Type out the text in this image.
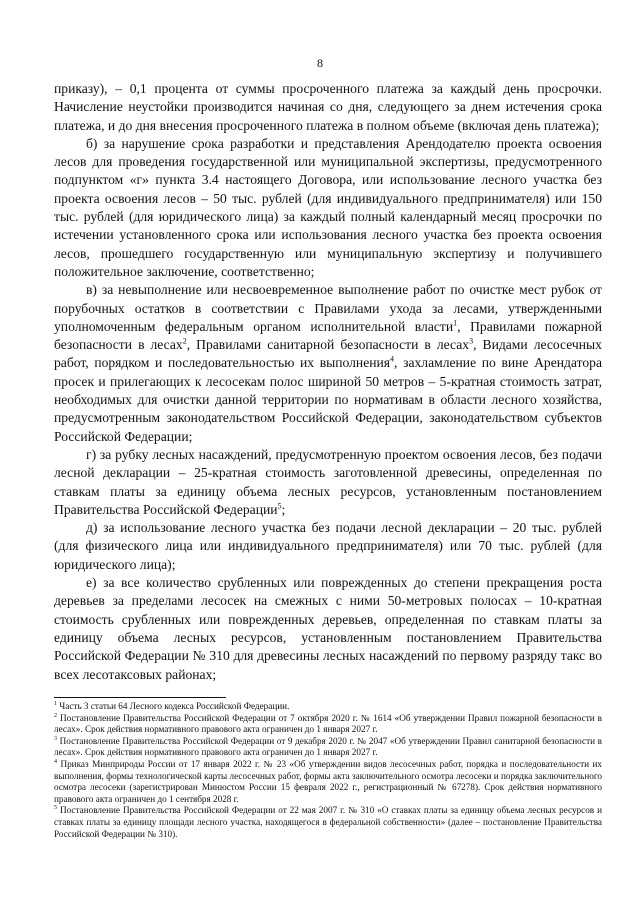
8

приказу), – 0,1 процента от суммы просроченного платежа за каждый день просрочки. Начисление неустойки производится начиная со дня, следующего за днем истечения срока платежа, и до дня внесения просроченного платежа в полном объеме (включая день платежа);

б) за нарушение срока разработки и представления Арендодателю проекта освоения лесов для проведения государственной или муниципальной экспертизы, предусмотренного подпунктом «г» пункта 3.4 настоящего Договора, или использование лесного участка без проекта освоения лесов – 50 тыс. рублей (для индивидуального предпринимателя) или 150 тыс. рублей (для юридического лица) за каждый полный календарный месяц просрочки по истечении установленного срока или использования лесного участка без проекта освоения лесов, прошедшего государственную или муниципальную экспертизу и получившего положительное заключение, соответственно;

в) за невыполнение или несвоевременное выполнение работ по очистке мест рубок от порубочных остатков в соответствии с Правилами ухода за лесами, утвержденными уполномоченным федеральным органом исполнительной власти$^1$, Правилами пожарной безопасности в лесах$^2$, Правилами санитарной безопасности в лесах$^3$, Видами лесосечных работ, порядком и последовательностью их выполнения$^4$, захламление по вине Арендатора просек и прилегающих к лесосекам полос шириной 50 метров – 5-кратная стоимость затрат, необходимых для очистки данной территории по нормативам в области лесного хозяйства, предусмотренным законодательством Российской Федерации, законодательством субъектов Российской Федерации;

г) за рубку лесных насаждений, предусмотренную проектом освоения лесов, без подачи лесной декларации – 25-кратная стоимость заготовленной древесины, определенная по ставкам платы за единицу объема лесных ресурсов, установленным постановлением Правительства Российской Федерации$^5$;

д) за использование лесного участка без подачи лесной декларации – 20 тыс. рублей (для физического лица или индивидуального предпринимателя) или 70 тыс. рублей (для юридического лица);

е) за все количество срубленных или поврежденных до степени прекращения роста деревьев за пределами лесосек на смежных с ними 50-метровых полосах – 10-кратная стоимость срубленных или поврежденных деревьев, определенная по ставкам платы за единицу объема лесных ресурсов, установленным постановлением Правительства Российской Федерации № 310 для древесины лесных насаждений по первому разряду такс во всех лесотаксовых районах;

$^1$ Часть 3 статьи 64 Лесного кодекса Российской Федерации.

$^2$ Постановление Правительства Российской Федерации от 7 октября 2020 г. № 1614 «Об утверждении Правил пожарной безопасности в лесах». Срок действия нормативного правового акта ограничен до 1 января 2027 г.

$^3$ Постановление Правительства Российской Федерации от 9 декабря 2020 г. № 2047 «Об утверждении Правил санитарной безопасности в лесах». Срок действия нормативного правового акта ограничен до 1 января 2027 г.

$^4$ Приказ Минприроды России от 17 января 2022 г. № 23 «Об утверждении видов лесосечных работ, порядка и последовательности их выполнения, формы технологической карты лесосечных работ, формы акта заключительного осмотра лесосеки и порядка заключительного осмотра лесосеки (зарегистрирован Минюстом России 15 февраля 2022 г., регистрационный № 67278). Срок действия нормативного правового акта ограничен до 1 сентября 2028 г.

$^5$ Постановление Правительства Российской Федерации от 22 мая 2007 г. № 310 «О ставках платы за единицу объема лесных ресурсов и ставках платы за единицу площади лесного участка, находящегося в федеральной собственности» (далее – постановление Правительства Российской Федерации № 310).
